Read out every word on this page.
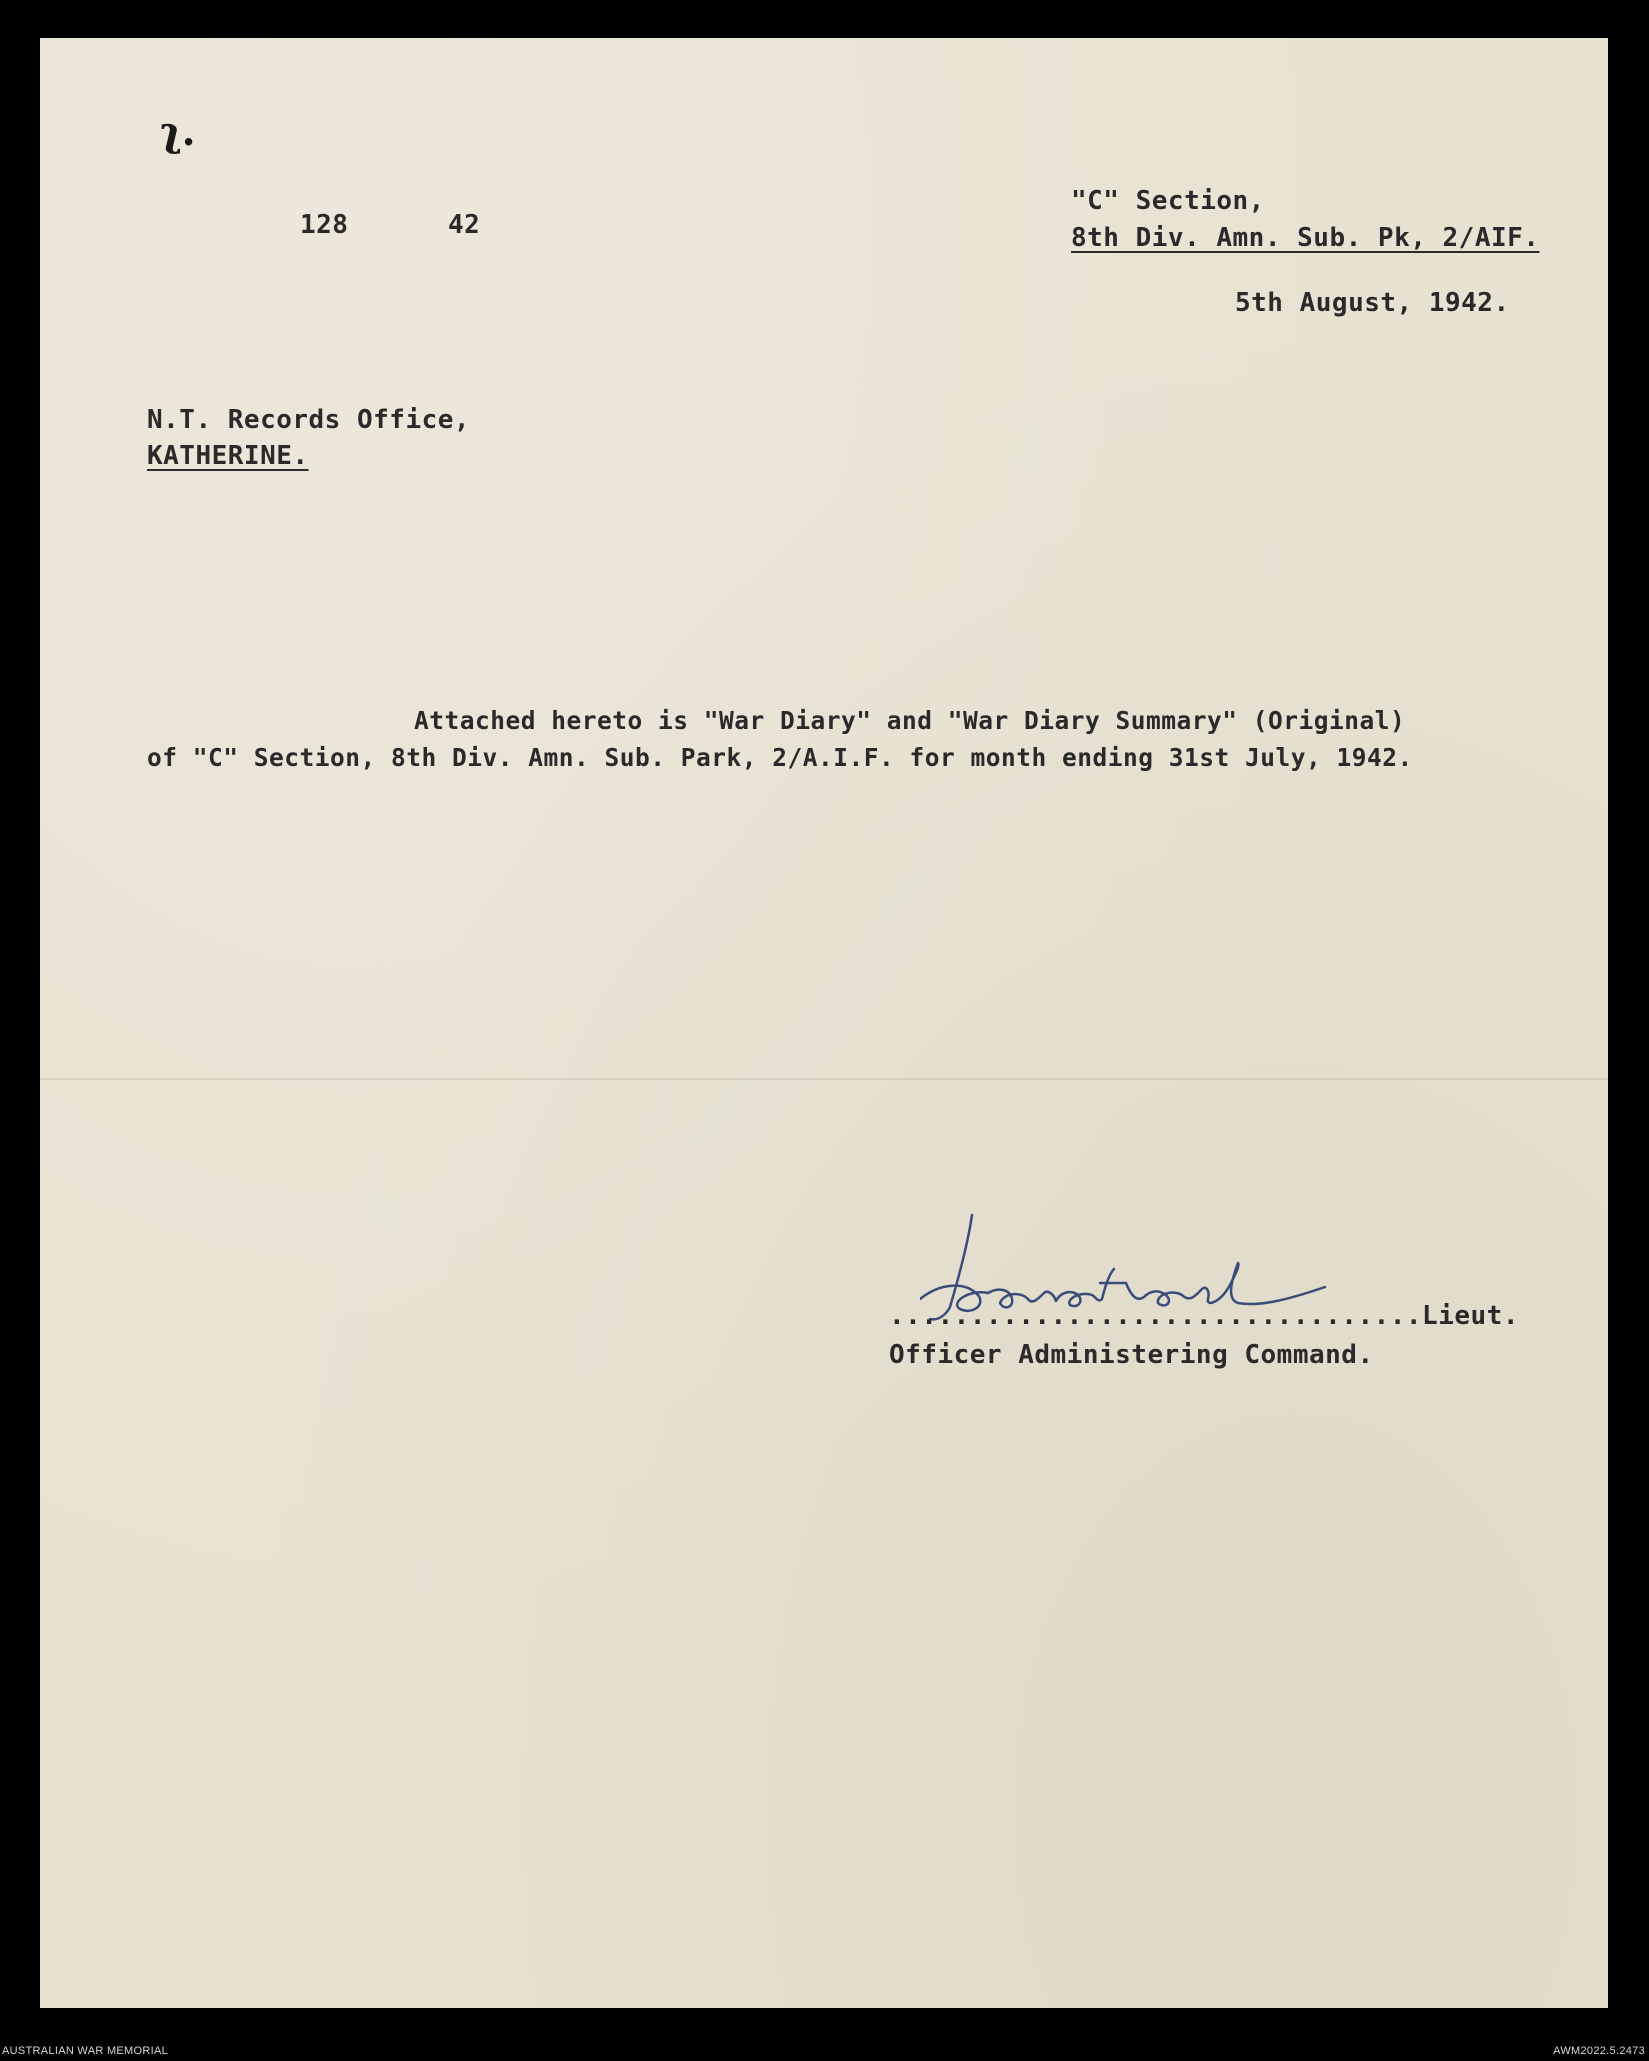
ʅ.
128	42
"C" Section,
8th Div. Amn. Sub. Pk, 2/AIF.
5th August, 1942.
N.T. Records Office,
KATHERINE.
Attached hereto is "War Diary" and "War Diary Summary" (Original)
of "C" Section, 8th Div. Amn. Sub. Park, 2/A.I.F. for month ending 31st July, 1942.
.................................Lieut.
Officer Administering Command.
AUSTRALIAN WAR MEMORIAL	AWM2022.5.2473
